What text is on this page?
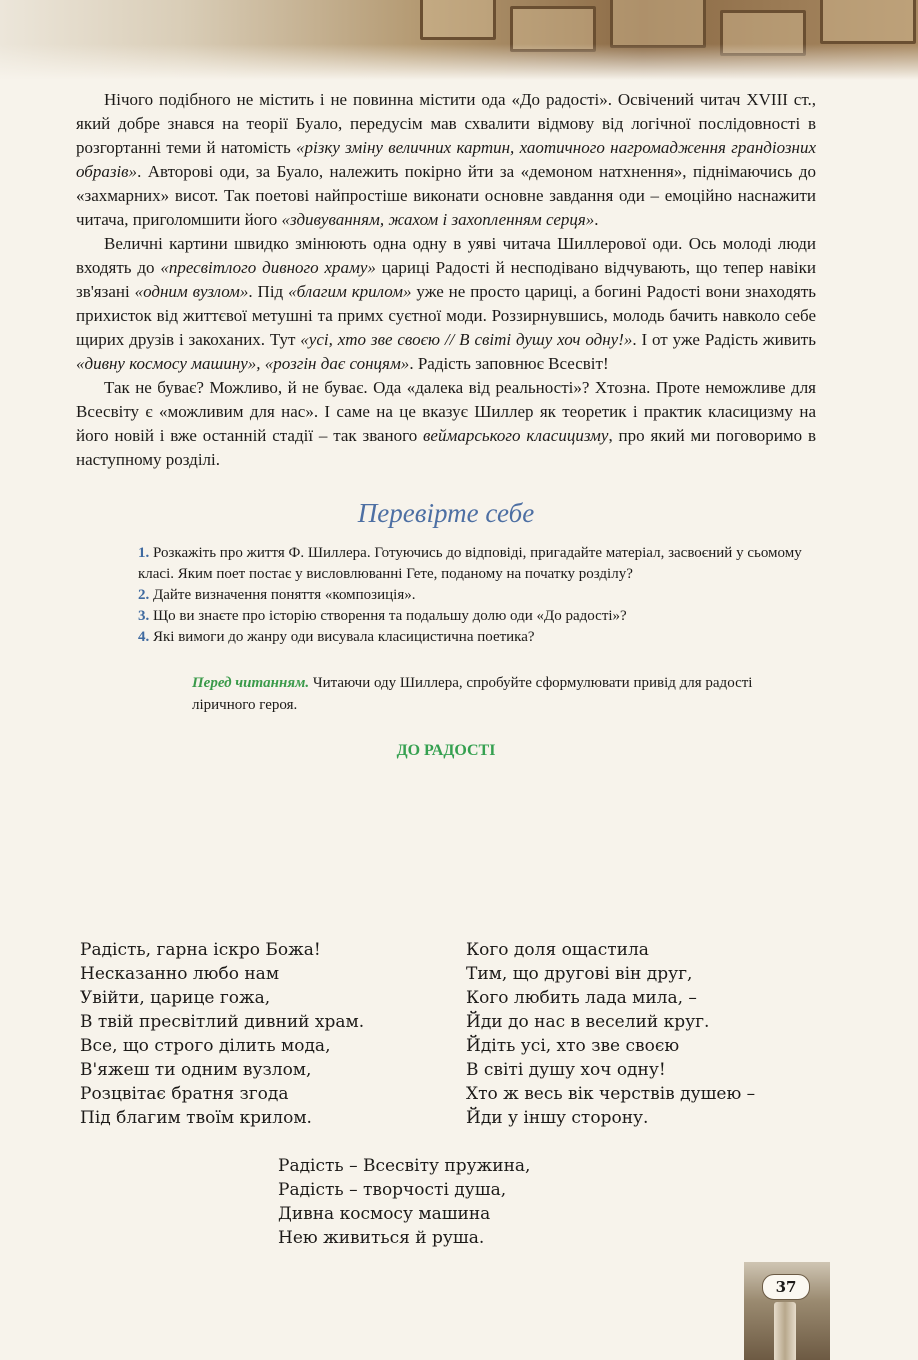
Нічого подібного не містить і не повинна містити ода «До радості». Освічений читач XVIII ст., який добре знався на теорії Буало, передусім мав схвалити відмову від логічної послідовності в розгортанні теми й натомість «різку зміну величних картин, хаотичного нагромадження грандіозних образів». Авторові оди, за Буало, належить покірно йти за «демоном натхнення», піднімаючись до «захмарних» висот. Так поетові найпростіше виконати основне завдання оди – емоційно наснажити читача, приголомшити його «здивуванням, жахом і захопленням серця».

Величні картини швидко змінюють одна одну в уяві читача Шиллерової оди. Ось молоді люди входять до «пресвітлого дивного храму» цариці Радості й несподівано відчувають, що тепер навіки зв'язані «одним вузлом». Під «благим крилом» уже не просто цариці, а богині Радості вони знаходять прихисток від життєвої метушні та примх суєтної моди. Роззирнувшись, молодь бачить навколо себе щирих друзів і закоханих. Тут «усі, хто зве своєю // В світі душу хоч одну!». І от уже Радість живить «дивну космосу машину», «розгін дає сонцям». Радість заповнює Всесвіт!

Так не буває? Можливо, й не буває. Ода «далека від реальності»? Хтозна. Проте неможливе для Всесвіту є «можливим для нас». І саме на це вказує Шиллер як теоретик і практик класицизму на його новій і вже останній стадії – так званого веймарського класицизму, про який ми поговоримо в наступному розділі.

Перевірте себе
1. Розкажіть про життя Ф. Шиллера. Готуючись до відповіді, пригадайте матеріал, засвоєний у сьомому класі. Яким поет постає у висловлюванні Гете, поданому на початку розділу?
2. Дайте визначення поняття «композиція».
3. Що ви знаєте про історію створення та подальшу долю оди «До радості»?
4. Які вимоги до жанру оди висувала класицистична поетика?
Перед читанням. Читаючи оду Шиллера, спробуйте сформулювати привід для радості ліричного героя.
ДО РАДОСТІ
Радість, гарна іскро Божа!
Несказанно любо нам
Увійти, царице гожа,
В твій пресвітлий дивний храм.
Все, що строго ділить мода,
В'яжеш ти одним вузлом,
Розцвітає братня згода
Під благим твоїм крилом.
Кого доля ощастила
Тим, що другові він друг,
Кого любить лада мила, –
Йди до нас в веселий круг.
Йдіть усі, хто зве своєю
В світі душу хоч одну!
Хто ж весь вік черствів душею –
Йди у іншу сторону.
Радість – Всесвіту пружина,
Радість – творчості душа,
Дивна космосу машина
Нею живиться й руша.
37
